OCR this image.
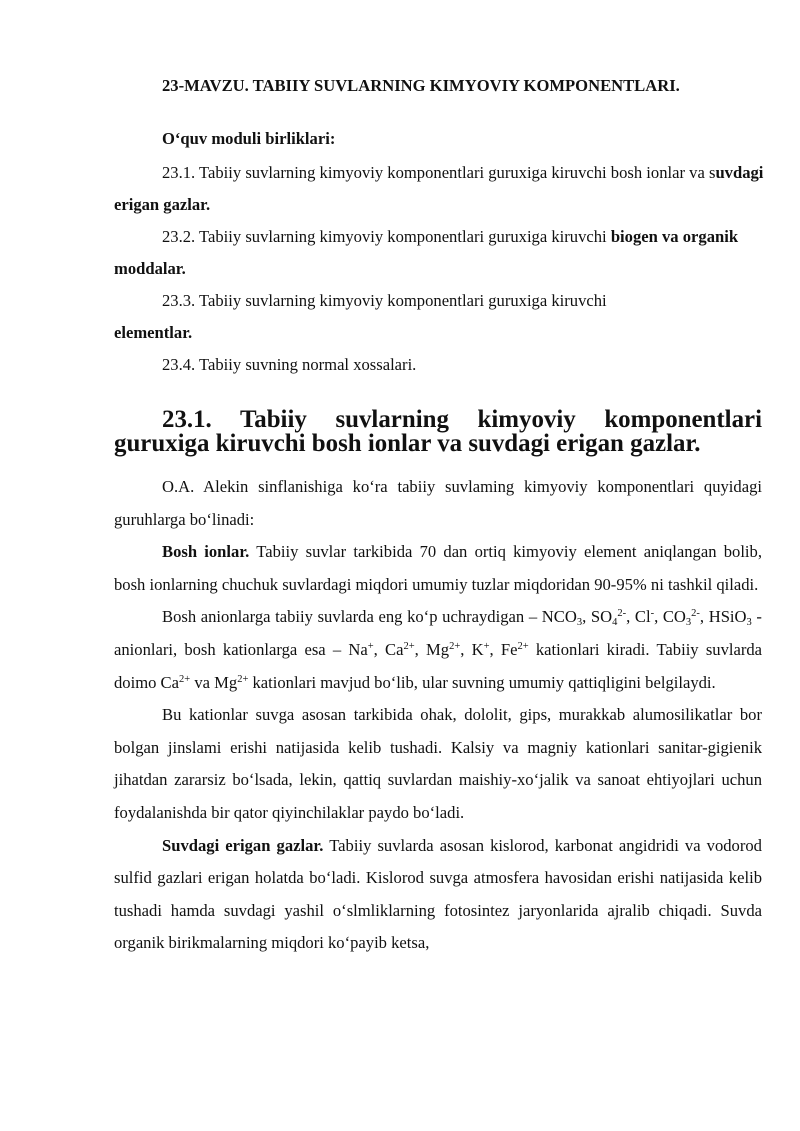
23-MAVZU. TABIIY SUVLARNING KIMYOVIY KOMPONENTLARI.

O‘quv moduli birliklari:

23.1. Tabiiy suvlarning kimyoviy komponentlari guruxiga kiruvchi bosh ionlar va suvdagi erigan gazlar.

23.2. Tabiiy suvlarning kimyoviy komponentlari guruxiga kiruvchi biogen va organik moddalar.

23.3. Tabiiy suvlarning kimyoviy komponentlari guruxiga kiruvchi
elementlar.

23.4. Tabiiy suvning normal xossalari.

23.1. Tabiiy suvlarning kimyoviy komponentlari guruxiga kiruvchi bosh ionlar va suvdagi erigan gazlar.

O.A. Alekin sinflanishiga ko‘ra tabiiy suvlaming kimyoviy komponentlari quyidagi guruhlarga bo‘linadi:

Bosh ionlar. Tabiiy suvlar tarkibida 70 dan ortiq kimyoviy element aniqlangan bolib, bosh ionlarning chuchuk suvlardagi miqdori umumiy tuzlar miqdoridan 90-95% ni tashkil qiladi.

Bosh anionlarga tabiiy suvlarda eng ko‘p uchraydigan – $NCO_3$, $SO_4^{2-}$, Cl-, $CO_3^{2-}$, HSiO$_3$ - anionlari, bosh kationlarga esa – Na+, $Ca^{2+}$, $Mg^{2+}$, K+, $Fe^{2+}$ kationlari kiradi. Tabiiy suvlarda doimo $Ca^{2+}$ va $Mg^{2+}$ kationlari mavjud bo‘lib, ular suvning umumiy qattiqligini belgilaydi.

Bu kationlar suvga asosan tarkibida ohak, dololit, gips, murakkab alumosilikatlar bor bolgan jinslami erishi natijasida kelib tushadi. Kalsiy va magniy kationlari sanitar-gigienik jihatdan zararsiz bo‘lsada, lekin, qattiq suvlardan maishiy-xo‘jalik va sanoat ehtiyojlari uchun foydalanishda bir qator qiyinchilaklar paydo bo‘ladi.

Suvdagi erigan gazlar. Tabiiy suvlarda asosan kislorod, karbonat angidridi va vodorod sulfid gazlari erigan holatda bo‘ladi. Kislorod suvga atmosfera havosidan erishi natijasida kelib tushadi hamda suvdagi yashil o‘slmliklarning fotosintez jaryonlarida ajralib chiqadi. Suvda organik birikmalarning miqdori ko‘payib ketsa,
